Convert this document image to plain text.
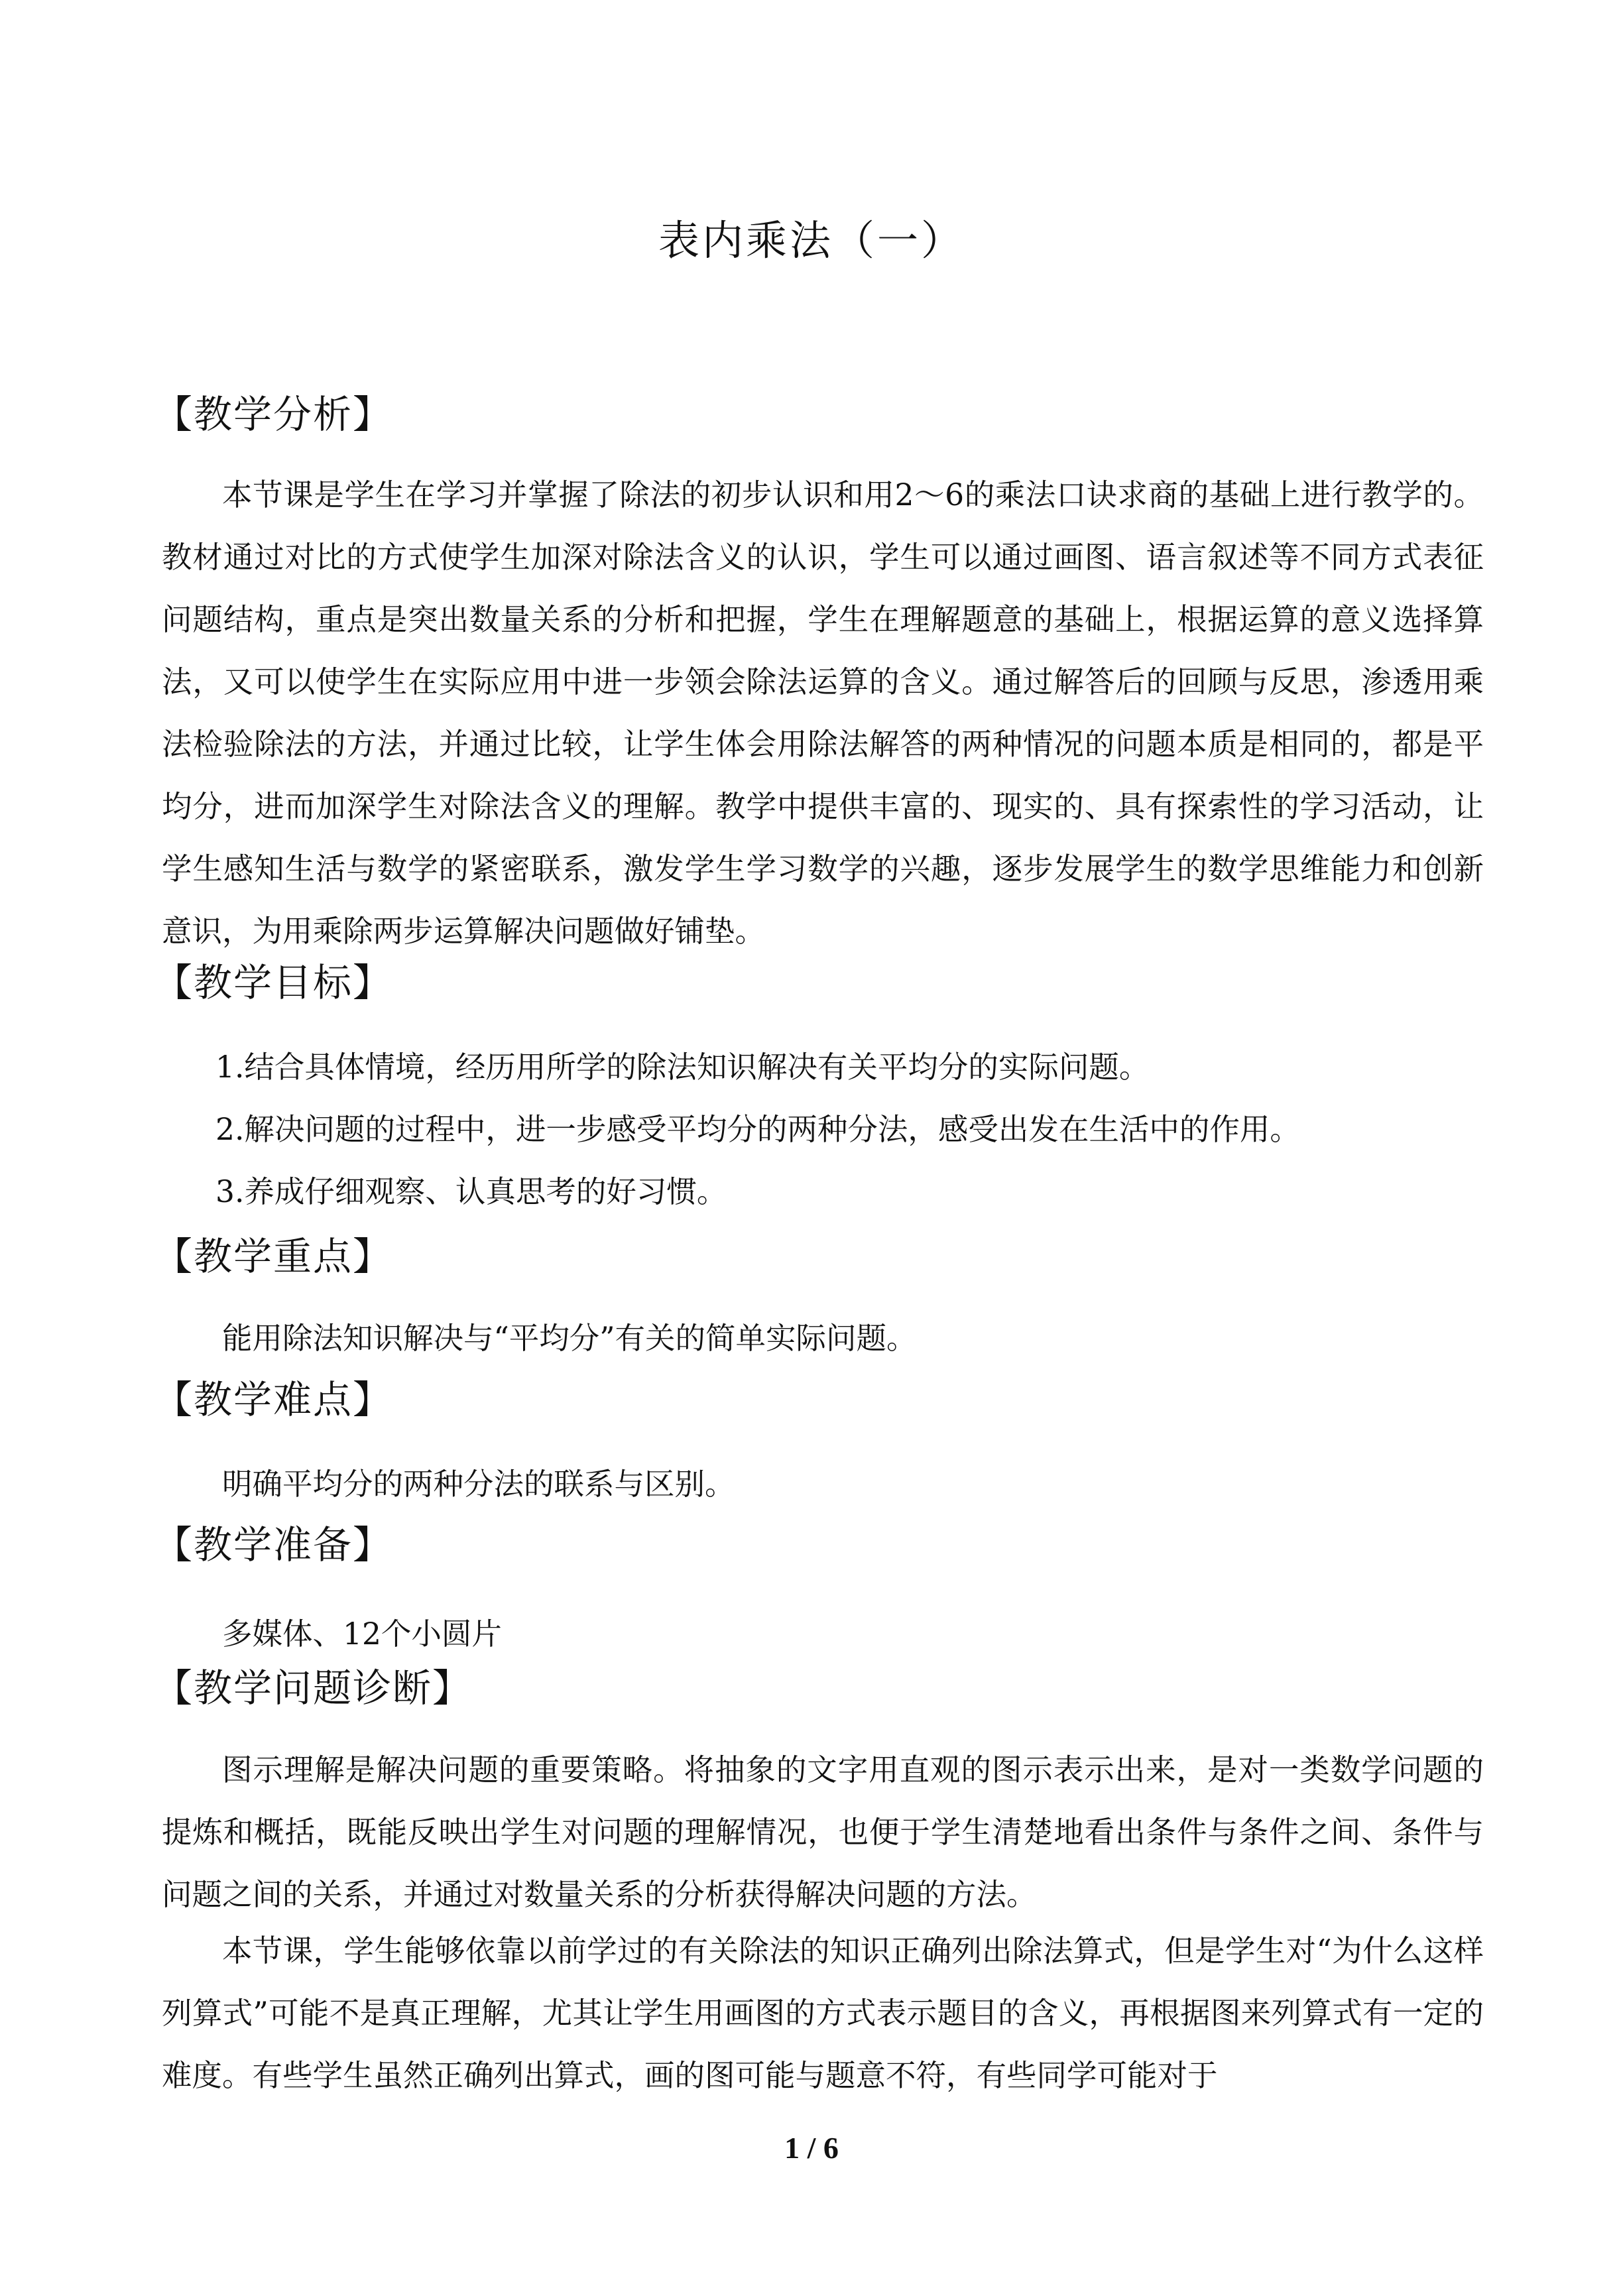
表内乘法（一）
【教学分析】

本节课是学生在学习并掌握了除法的初步认识和用2～6的乘法口诀求商的基础上进行教学的。教材通过对比的方式使学生加深对除法含义的认识，学生可以通过画图、语言叙述等不同方式表征问题结构，重点是突出数量关系的分析和把握，学生在理解题意的基础上，根据运算的意义选择算法，又可以使学生在实际应用中进一步领会除法运算的含义。通过解答后的回顾与反思，渗透用乘法检验除法的方法，并通过比较，让学生体会用除法解答的两种情况的问题本质是相同的，都是平均分，进而加深学生对除法含义的理解。教学中提供丰富的、现实的、具有探索性的学习活动，让学生感知生活与数学的紧密联系，激发学生学习数学的兴趣，逐步发展学生的数学思维能力和创新意识，为用乘除两步运算解决问题做好铺垫。

【教学目标】

1.结合具体情境，经历用所学的除法知识解决有关平均分的实际问题。

2.解决问题的过程中，进一步感受平均分的两种分法，感受出发在生活中的作用。

3.养成仔细观察、认真思考的好习惯。

【教学重点】

能用除法知识解决与“平均分”有关的简单实际问题。

【教学难点】

明确平均分的两种分法的联系与区别。

【教学准备】

多媒体、12个小圆片

【教学问题诊断】

图示理解是解决问题的重要策略。将抽象的文字用直观的图示表示出来，是对一类数学问题的提炼和概括，既能反映出学生对问题的理解情况，也便于学生清楚地看出条件与条件之间、条件与问题之间的关系，并通过对数量关系的分析获得解决问题的方法。

本节课，学生能够依靠以前学过的有关除法的知识正确列出除法算式，但是学生对“为什么这样列算式”可能不是真正理解，尤其让学生用画图的方式表示题目的含义，再根据图来列算式有一定的难度。有些学生虽然正确列出算式，画的图可能与题意不符，有些同学可能对于

1 / 6
